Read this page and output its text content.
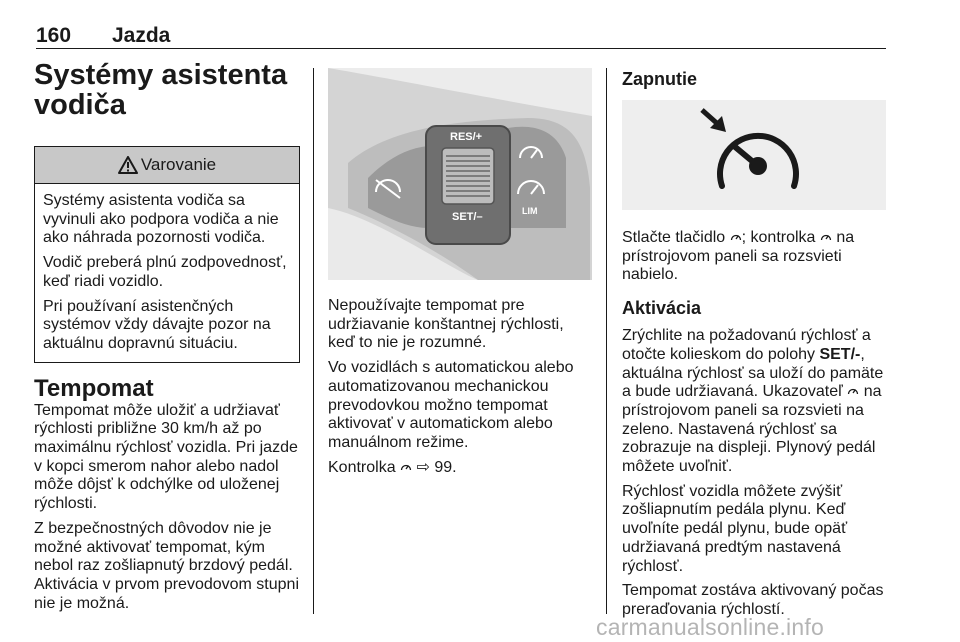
160 Jazda
Systémy asistenta vodiča
Varovanie

Systémy asistenta vodiča sa vyvinuli ako podpora vodiča a nie ako náhrada pozornosti vodiča.

Vodič preberá plnú zodpovednosť, keď riadi vozidlo.

Pri používaní asistenčných systémov vždy dávajte pozor na aktuálnu dopravnú situáciu.

Tempomat

Tempomat môže uložiť a udržiavať rýchlosti približne 30 km/h až po maximálnu rýchlosť vozidla. Pri jazde v kopci smerom nahor alebo nadol môže dôjsť k odchýlke od uloženej rýchlosti.

Z bezpečnostných dôvodov nie je možné aktivovať tempomat, kým nebol raz zošliapnutý brzdový pedál. Aktivácia v prvom prevodovom stupni nie je možná.

RES/+
SET/–	LIM

Nepoužívajte tempomat pre udržiavanie konštantnej rýchlosti, keď to nie je rozumné.

Vo vozidlách s automatickou alebo automatizovanou mechanickou prevodovkou možno tempomat aktivovať v automatickom alebo manuálnom režime.

Kontrolka ⇨ 99.

Zapnutie

Stlačte tlačidlo ; kontrolka na prístrojovom paneli sa rozsvieti nabielo.

Aktivácia

Zrýchlite na požadovanú rýchlosť a otočte kolieskom do polohy SET/-, aktuálna rýchlosť sa uloží do pamäte a bude udržiavaná. Ukazovateľ na prístrojovom paneli sa rozsvieti na zeleno. Nastavená rýchlosť sa zobrazuje na displeji. Plynový pedál môžete uvoľniť.

Rýchlosť vozidla môžete zvýšiť zošliapnutím pedála plynu. Keď uvoľníte pedál plynu, bude opäť udržiavaná predtým nastavená rýchlosť.

Tempomat zostáva aktivovaný počas preraďovania rýchlostí.

carmanualsonline.info
